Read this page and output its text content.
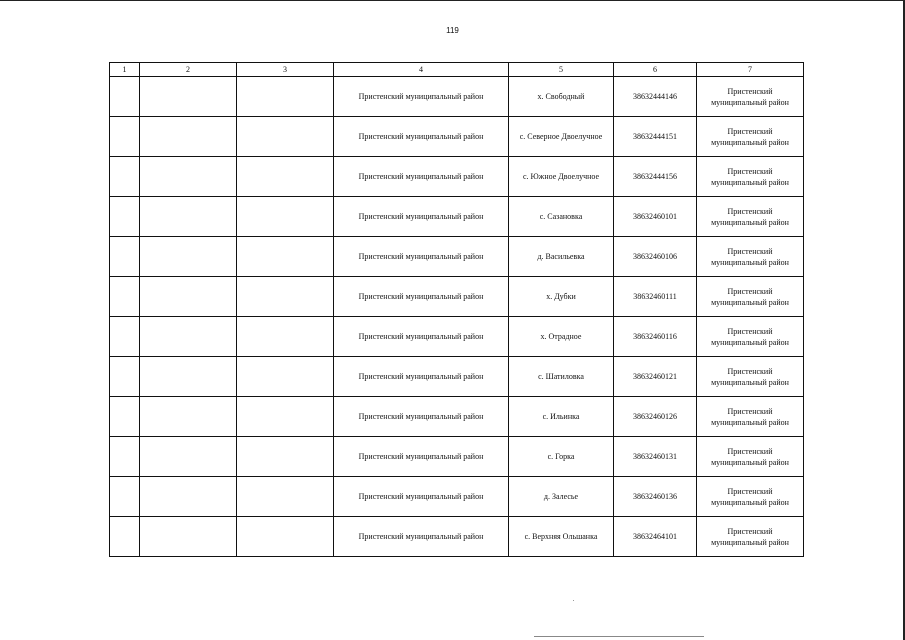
119
1	2	3	4	5	6	7
			Пристенский муниципальный район	х. Свободный	38632444146	Пристенский муниципальный район
			Пристенский муниципальный район	с. Северное Двоелучное	38632444151	Пристенский муниципальный район
			Пристенский муниципальный район	с. Южное Двоелучное	38632444156	Пристенский муниципальный район
			Пристенский муниципальный район	с. Сазановка	38632460101	Пристенский муниципальный район
			Пристенский муниципальный район	д. Васильевка	38632460106	Пристенский муниципальный район
			Пристенский муниципальный район	х. Дубки	38632460111	Пристенский муниципальный район
			Пристенский муниципальный район	х. Отрадное	38632460116	Пристенский муниципальный район
			Пристенский муниципальный район	с. Шатиловка	38632460121	Пристенский муниципальный район
			Пристенский муниципальный район	с. Ильинка	38632460126	Пристенский муниципальный район
			Пристенский муниципальный район	с. Горка	38632460131	Пристенский муниципальный район
			Пристенский муниципальный район	д. Залесье	38632460136	Пристенский муниципальный район
			Пристенский муниципальный район	с. Верхняя Ольшанка	38632464101	Пристенский муниципальный район
